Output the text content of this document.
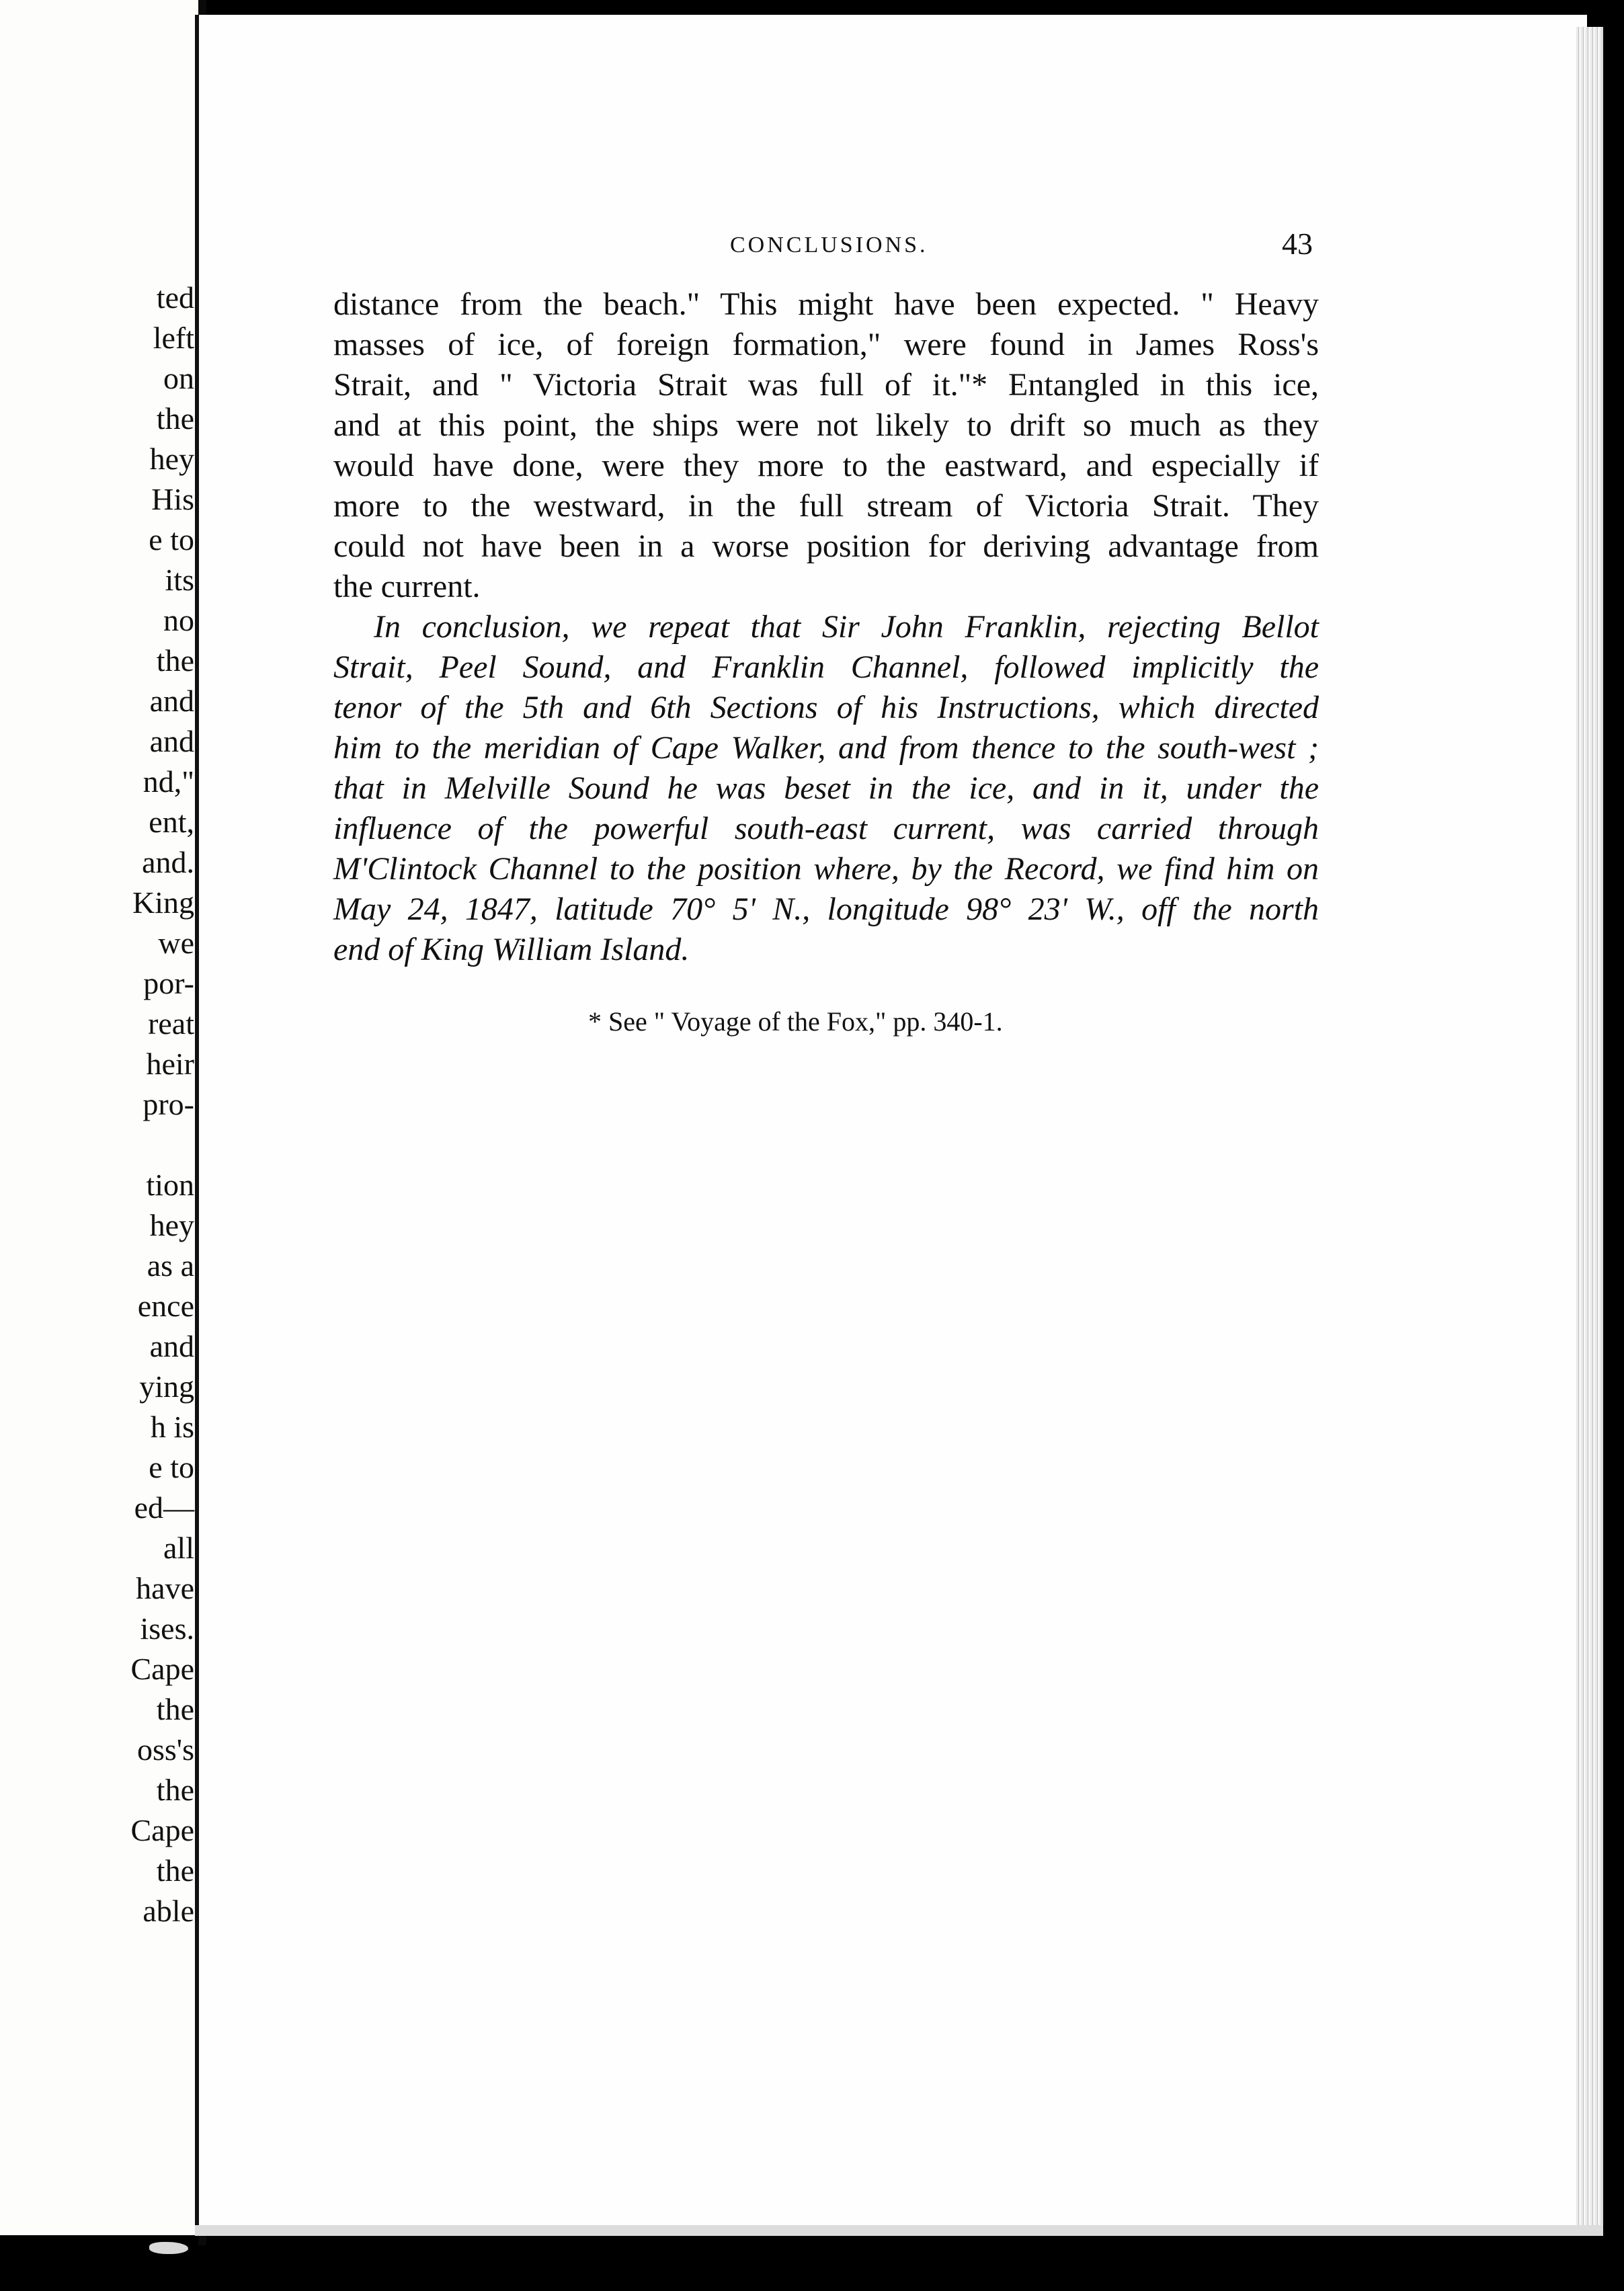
ted
left
on
the
hey
His
e to
its
no
the
and
and
nd,"
ent,
and.
King
we
por-
reat
heir
pro-
tion
hey
as a
ence
and
ying
h is
e to
ed—
all
have
ises.
Cape
the
oss's
the
Cape
the
able
CONCLUSIONS.	43

distance from the beach." This might have been expected. " Heavy
masses of ice, of foreign formation," were found in James Ross's
Strait, and " Victoria Strait was full of it."* Entangled in this ice,
and at this point, the ships were not likely to drift so much as they
would have done, were they more to the eastward, and especially if
more to the westward, in the full stream of Victoria Strait. They
could not have been in a worse position for deriving advantage from
the current.

In conclusion, we repeat that Sir John Franklin, rejecting Bellot
Strait, Peel Sound, and Franklin Channel, followed implicitly the
tenor of the 5th and 6th Sections of his Instructions, which directed
him to the meridian of Cape Walker, and from thence to the south-west ;
that in Melville Sound he was beset in the ice, and in it, under the
influence of the powerful south-east current, was carried through
M'Clintock Channel to the position where, by the Record, we find him on
May 24, 1847, latitude 70° 5' N., longitude 98° 23' W., off the north
end of King William Island.

* See " Voyage of the Fox," pp. 340-1.
